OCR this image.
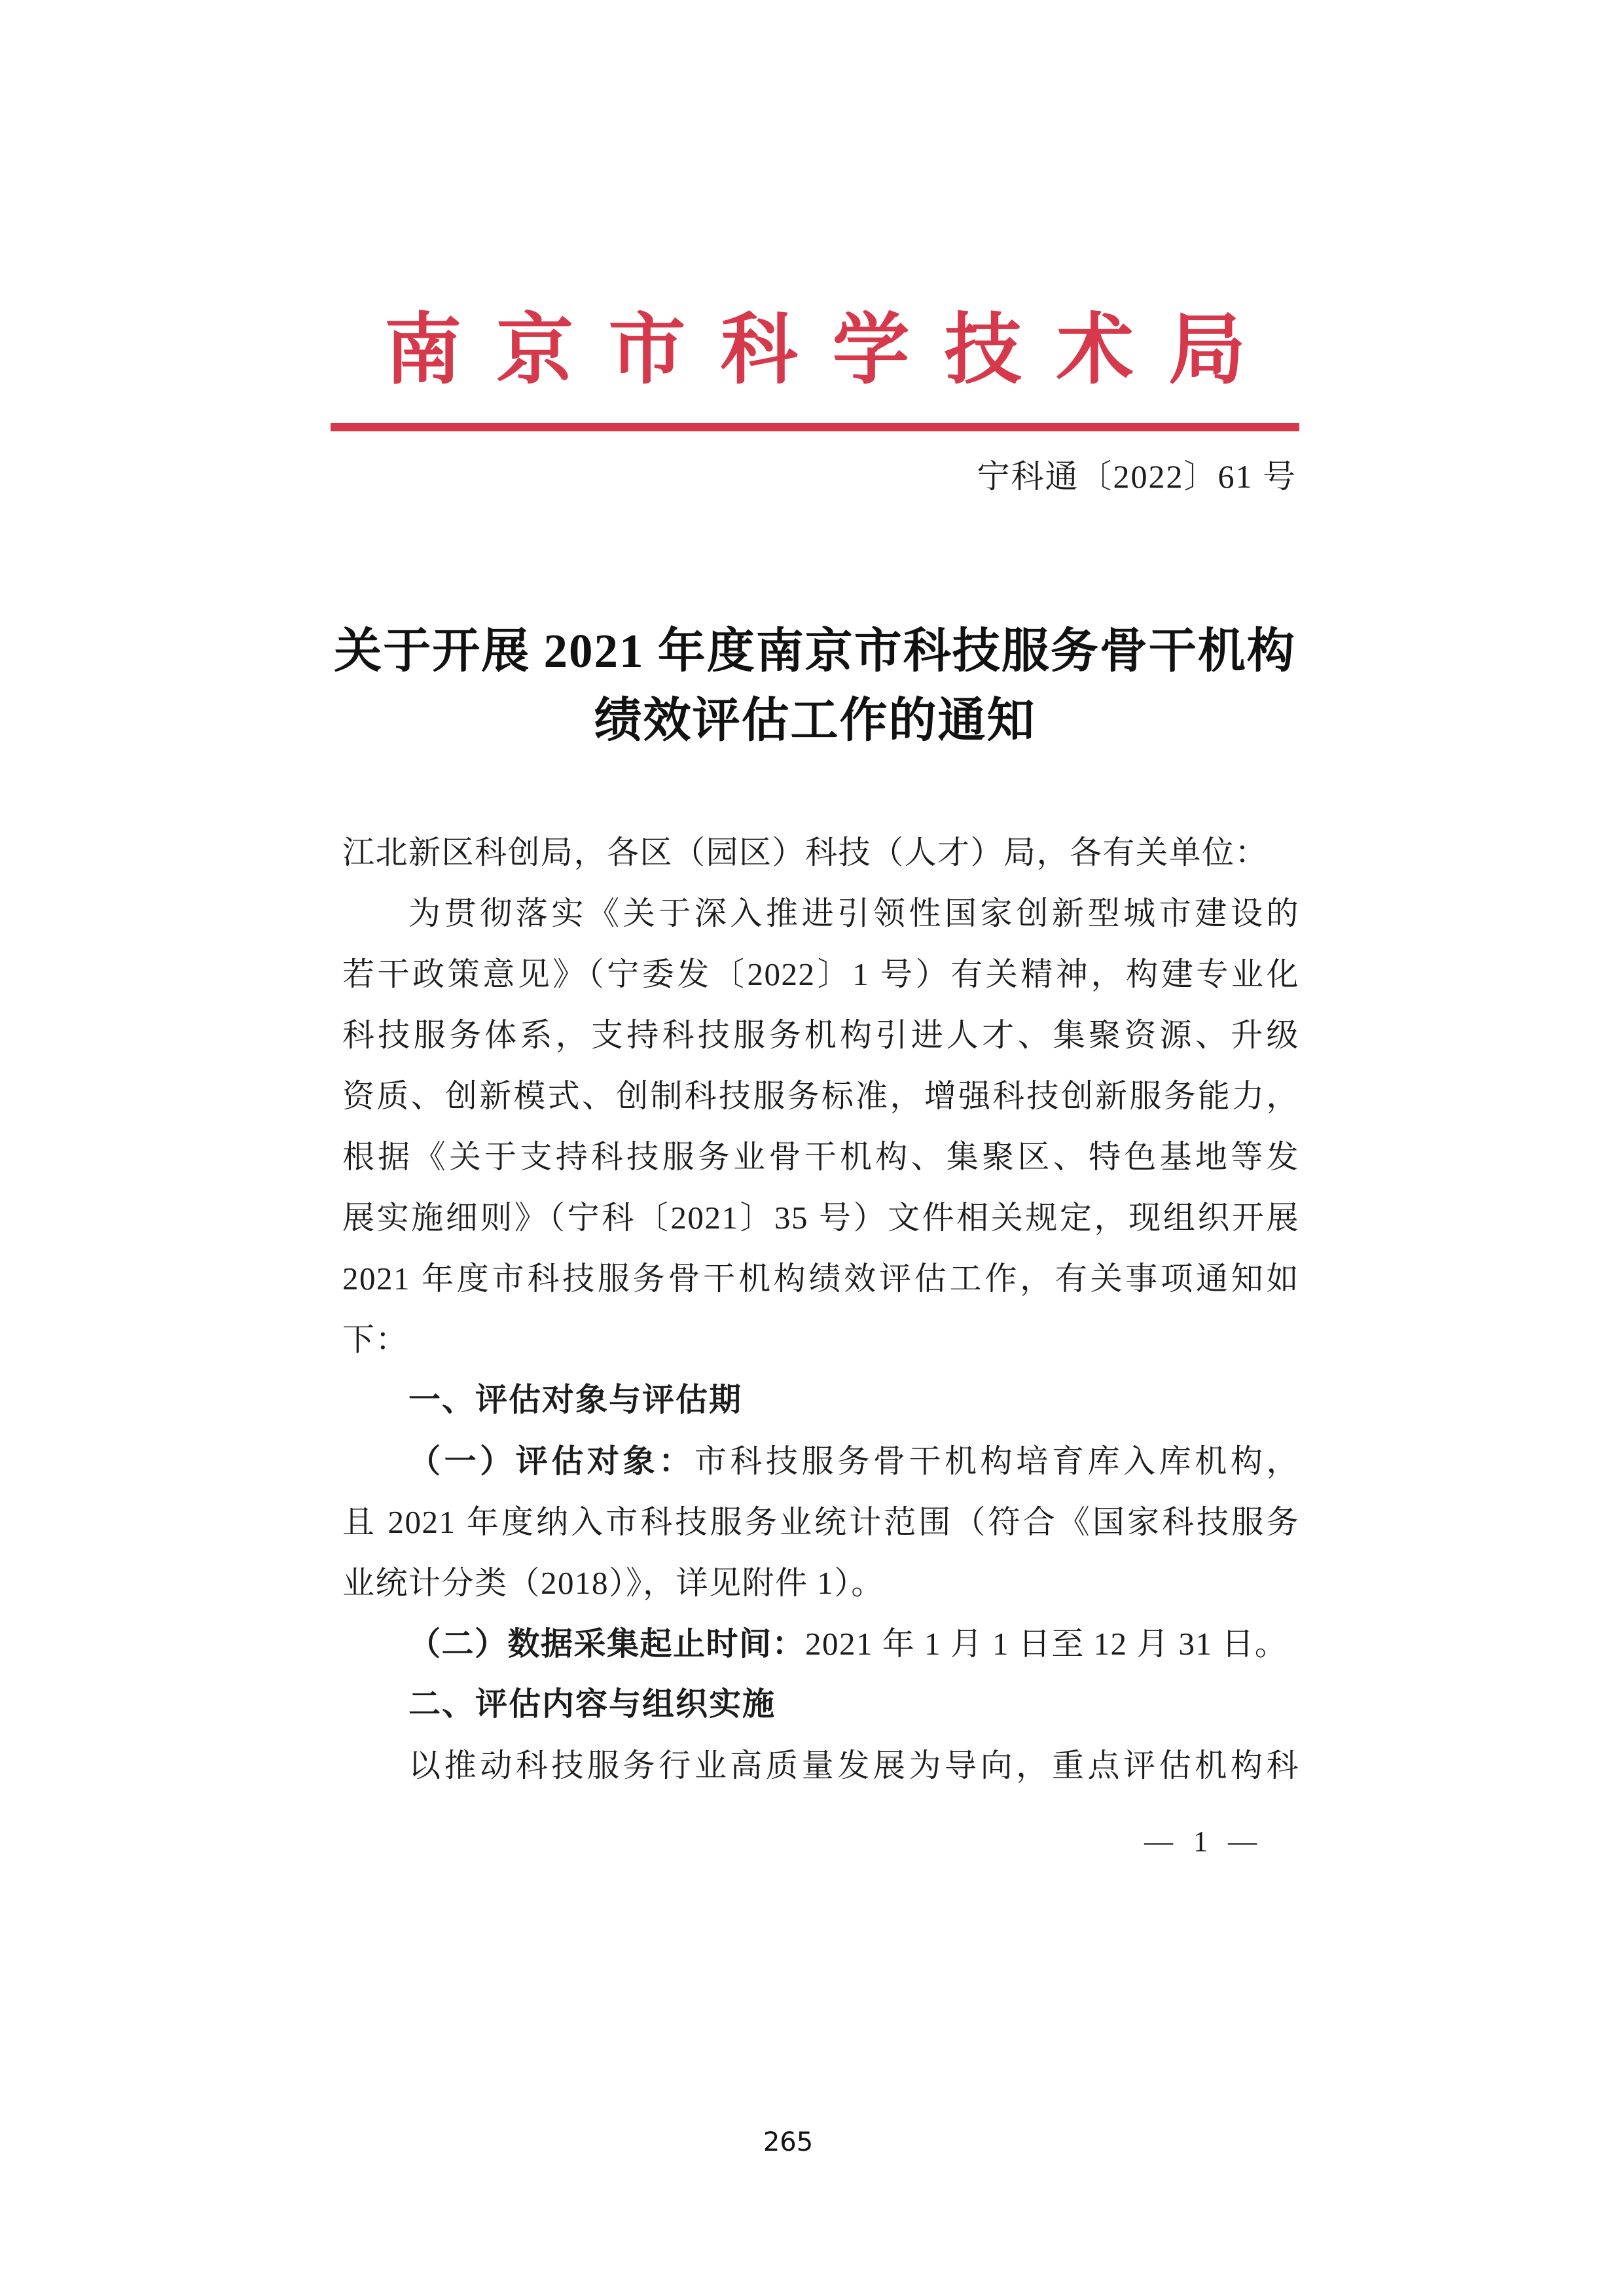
南京市科学技术局
宁科通〔2022〕61 号
关于开展 2021 年度南京市科技服务骨干机构
绩效评估工作的通知
江北新区科创局，各区（园区）科技（人才）局，各有关单位：
为贯彻落实《关于深入推进引领性国家创新型城市建设的
若干政策意见》（宁委发〔2022〕1 号）有关精神，构建专业化
科技服务体系，支持科技服务机构引进人才、集聚资源、升级
资质、创新模式、创制科技服务标准，增强科技创新服务能力，
根据《关于支持科技服务业骨干机构、集聚区、特色基地等发
展实施细则》（宁科〔2021〕35 号）文件相关规定，现组织开展
2021 年度市科技服务骨干机构绩效评估工作，有关事项通知如
下：
一、评估对象与评估期
（一）评估对象：市科技服务骨干机构培育库入库机构，
且 2021 年度纳入市科技服务业统计范围（符合《国家科技服务
业统计分类（2018）》，详见附件 1）。
（二）数据采集起止时间：2021 年 1 月 1 日至 12 月 31 日。
二、评估内容与组织实施
以推动科技服务行业高质量发展为导向，重点评估机构科
— 1 —
265
